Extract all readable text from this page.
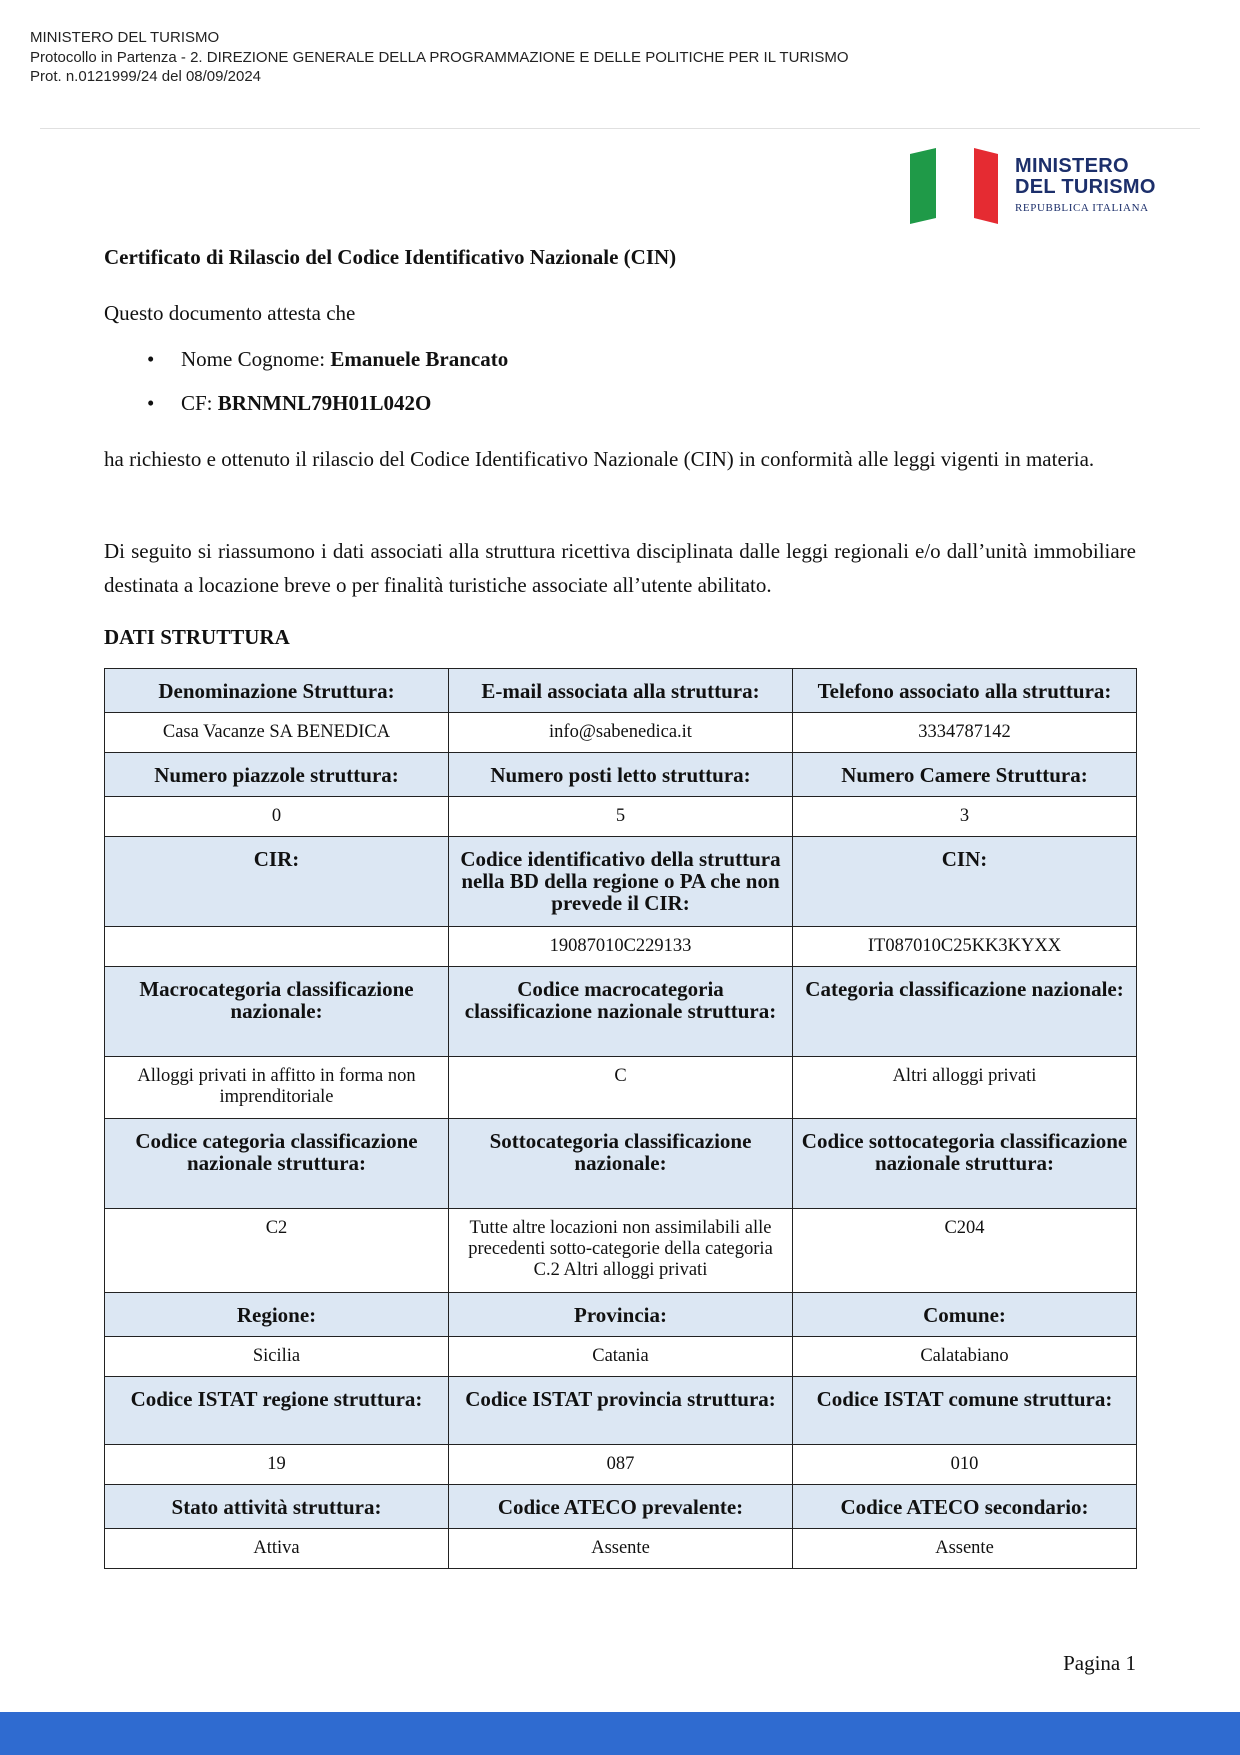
MINISTERO DEL TURISMO
Protocollo in Partenza - 2. DIREZIONE GENERALE DELLA PROGRAMMAZIONE E DELLE POLITICHE PER IL TURISMO
Prot. n.0121999/24 del 08/09/2024
MINISTERO
DEL TURISMO
REPUBBLICA ITALIANA
Certificato di Rilascio del Codice Identificativo Nazionale (CIN)
Questo documento attesta che
• Nome Cognome: Emanuele Brancato
• CF: BRNMNL79H01L042O
ha richiesto e ottenuto il rilascio del Codice Identificativo Nazionale (CIN) in conformità alle leggi vigenti in materia.
Di seguito si riassumono i dati associati alla struttura ricettiva disciplinata dalle leggi regionali e/o dall’unità immobiliare destinata a locazione breve o per finalità turistiche associate all’utente abilitato.
DATI STRUTTURA
Denominazione Struttura:	E-mail associata alla struttura:	Telefono associato alla struttura:
Casa Vacanze SA BENEDICA	info@sabenedica.it	3334787142
Numero piazzole struttura:	Numero posti letto struttura:	Numero Camere Struttura:
0	5	3
CIR:	Codice identificativo della struttura nella BD della regione o PA che non prevede il CIR:	CIN:
	19087010C229133	IT087010C25KK3KYXX
Macrocategoria classificazione nazionale:	Codice macrocategoria classificazione nazionale struttura:	Categoria classificazione nazionale:
Alloggi privati in affitto in forma non imprenditoriale	C	Altri alloggi privati
Codice categoria classificazione nazionale struttura:	Sottocategoria classificazione nazionale:	Codice sottocategoria classificazione nazionale struttura:
C2	Tutte altre locazioni non assimilabili alle precedenti sotto-categorie della categoria C.2 Altri alloggi privati	C204
Regione:	Provincia:	Comune:
Sicilia	Catania	Calatabiano
Codice ISTAT regione struttura:	Codice ISTAT provincia struttura:	Codice ISTAT comune struttura:
19	087	010
Stato attività struttura:	Codice ATECO prevalente:	Codice ATECO secondario:
Attiva	Assente	Assente
Pagina 1
